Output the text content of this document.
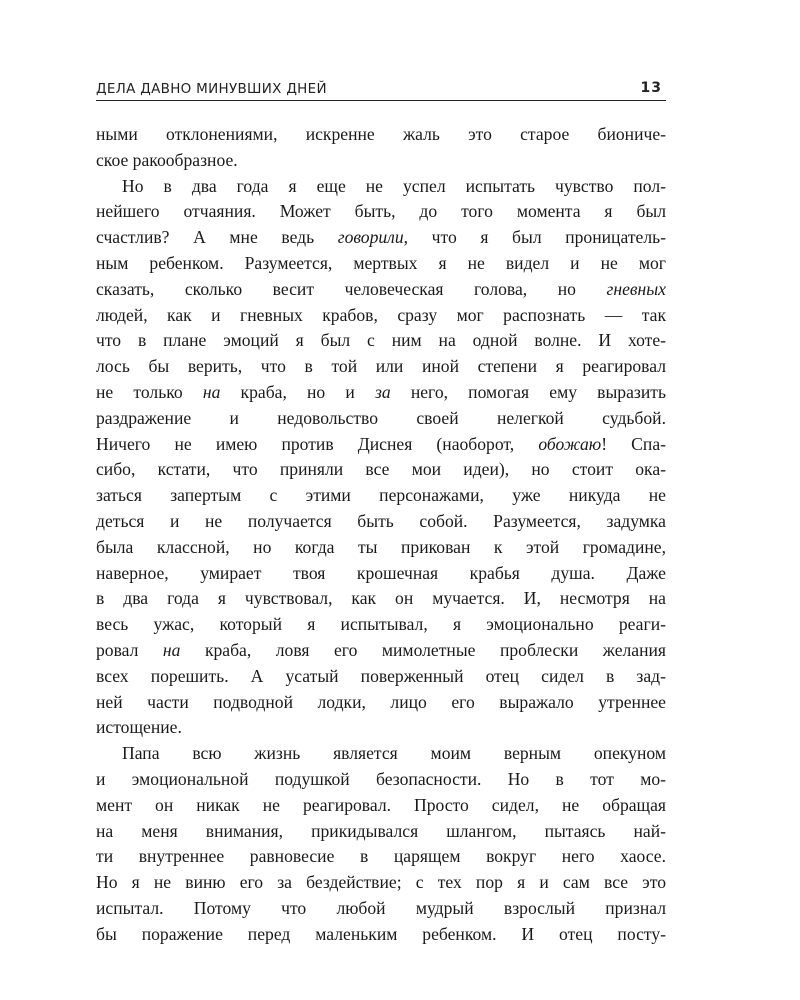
ДЕЛА ДАВНО МИНУВШИХ ДНЕЙ	13
ными отклонениями, искренне жаль это старое биониче-
ское ракообразное.
Но в два года я еще не успел испытать чувство пол-
нейшего отчаяния. Может быть, до того момента я был
счастлив? А мне ведь говорили, что я был проницатель-
ным ребенком. Разумеется, мертвых я не видел и не мог
сказать, сколько весит человеческая голова, но гневных
людей, как и гневных крабов, сразу мог распознать — так
что в плане эмоций я был с ним на одной волне. И хоте-
лось бы верить, что в той или иной степени я реагировал
не только на краба, но и за него, помогая ему выразить
раздражение и недовольство своей нелегкой судьбой.
Ничего не имею против Диснея (наоборот, обожаю! Спа-
сибо, кстати, что приняли все мои идеи), но стоит ока-
заться запертым с этими персонажами, уже никуда не
деться и не получается быть собой. Разумеется, задумка
была классной, но когда ты прикован к этой громадине,
наверное, умирает твоя крошечная крабья душа. Даже
в два года я чувствовал, как он мучается. И, несмотря на
весь ужас, который я испытывал, я эмоционально реаги-
ровал на краба, ловя его мимолетные проблески желания
всех порешить. А усатый поверженный отец сидел в зад-
ней части подводной лодки, лицо его выражало утреннее
истощение.
Папа всю жизнь является моим верным опекуном
и эмоциональной подушкой безопасности. Но в тот мо-
мент он никак не реагировал. Просто сидел, не обращая
на меня внимания, прикидывался шлангом, пытаясь най-
ти внутреннее равновесие в царящем вокруг него хаосе.
Но я не виню его за бездействие; с тех пор я и сам все это
испытал. Потому что любой мудрый взрослый признал
бы поражение перед маленьким ребенком. И отец посту-
